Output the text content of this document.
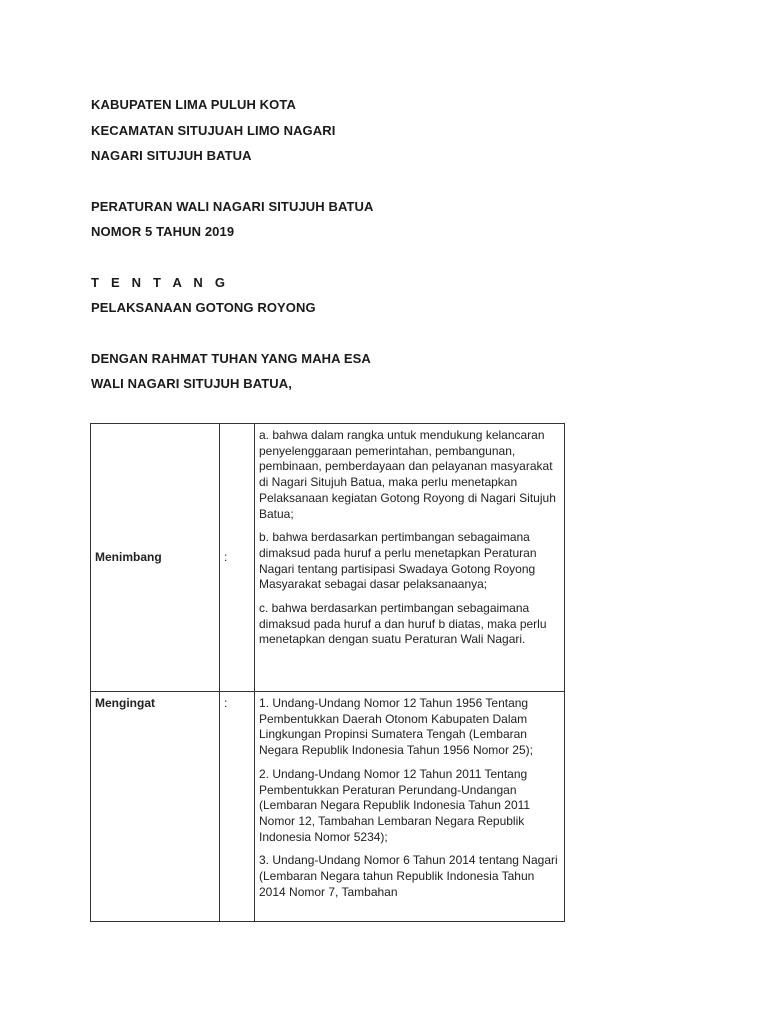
KABUPATEN LIMA PULUH KOTA
KECAMATAN SITUJUAH LIMO NAGARI
NAGARI SITUJUH BATUA
PERATURAN WALI NAGARI SITUJUH BATUA
NOMOR 5 TAHUN 2019
T E N T A N G
PELAKSANAAN GOTONG ROYONG
DENGAN RAHMAT TUHAN YANG MAHA ESA
WALI NAGARI SITUJUH BATUA,
Menimbang	:	a. bahwa dalam rangka untuk mendukung kelancaran penyelenggaraan pemerintahan, pembangunan, pembinaan, pemberdayaan dan pelayanan masyarakat di Nagari Situjuh Batua, maka perlu menetapkan Pelaksanaan kegiatan Gotong Royong di Nagari Situjuh Batua;

b. bahwa berdasarkan pertimbangan sebagaimana dimaksud pada huruf a perlu menetapkan Peraturan Nagari tentang partisipasi Swadaya Gotong Royong Masyarakat sebagai dasar pelaksanaanya;

c. bahwa berdasarkan pertimbangan sebagaimana dimaksud pada huruf a dan huruf b diatas, maka perlu menetapkan dengan suatu Peraturan Wali Nagari.

Mengingat	:	1. Undang-Undang Nomor 12 Tahun 1956 Tentang Pembentukkan Daerah Otonom Kabupaten Dalam Lingkungan Propinsi Sumatera Tengah (Lembaran Negara Republik Indonesia Tahun 1956 Nomor 25);

2. Undang-Undang Nomor 12 Tahun 2011 Tentang Pembentukkan Peraturan Perundang-Undangan (Lembaran Negara Republik Indonesia Tahun 2011 Nomor 12, Tambahan Lembaran Negara Republik Indonesia Nomor 5234);

3. Undang-Undang Nomor 6 Tahun 2014 tentang Nagari (Lembaran Negara tahun Republik Indonesia Tahun 2014 Nomor 7, Tambahan
